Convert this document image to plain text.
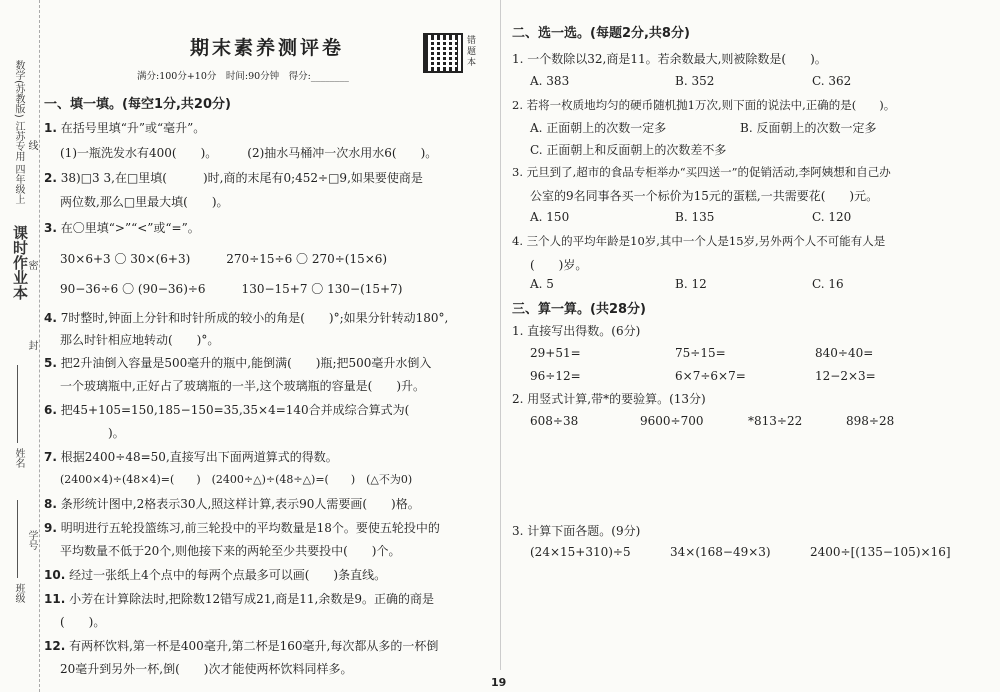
课时作业本
数学(苏教版) 江苏专用 四年级上 线
班级
姓名
学号
封
密
期末素养测评卷
满分:100分+10分　时间:90分钟　得分:________
错题本
一、填一填。(每空1分,共20分)
1. 在括号里填“升”或“毫升”。
(1)一瓶洗发水有400(　　)。　　　(2)抽水马桶冲一次水用水6(　　)。
2. 38)□3 3,在□里填(　　　)时,商的末尾有0;452÷□9,如果要使商是
两位数,那么□里最大填(　　)。
3. 在〇里填“>”“<”或“=”。
30×6+3 〇 30×(6+3)　　　270÷15÷6 〇 270÷(15×6)
90−36÷6 〇 (90−36)÷6　　　130−15+7 〇 130−(15+7)
4. 7时整时,钟面上分针和时针所成的较小的角是(　　)°;如果分针转动180°,
那么时针相应地转动(　　)°。
5. 把2升油倒入容量是500毫升的瓶中,能倒满(　　)瓶;把500毫升水倒入
一个玻璃瓶中,正好占了玻璃瓶的一半,这个玻璃瓶的容量是(　　)升。
6. 把45+105=150,185−150=35,35×4=140合并成综合算式为(
　　　　)。
7. 根据2400÷48=50,直接写出下面两道算式的得数。
(2400×4)÷(48×4)=(　　)　(2400÷△)÷(48÷△)=(　　)　(△不为0)
8. 条形统计图中,2格表示30人,照这样计算,表示90人需要画(　　)格。
9. 明明进行五轮投篮练习,前三轮投中的平均数量是18个。要使五轮投中的
平均数量不低于20个,则他接下来的两轮至少共要投中(　　)个。
10. 经过一张纸上4个点中的每两个点最多可以画(　　)条直线。
11. 小芳在计算除法时,把除数12错写成21,商是11,余数是9。正确的商是
(　　)。
12. 有两杯饮料,第一杯是400毫升,第二杯是160毫升,每次都从多的一杯倒
20毫升到另外一杯,倒(　　)次才能使两杯饮料同样多。
二、选一选。(每题2分,共8分)
1. 一个数除以32,商是11。若余数最大,则被除数是(　　)。
A. 383	B. 352	C. 362
2. 若将一枚质地均匀的硬币随机抛1万次,则下面的说法中,正确的是(　　)。
A. 正面朝上的次数一定多	B. 反面朝上的次数一定多
C. 正面朝上和反面朝上的次数差不多
3. 元旦到了,超市的食品专柜举办“买四送一”的促销活动,李阿姨想和自己办
公室的9名同事各买一个标价为15元的蛋糕,一共需要花(　　)元。
A. 150	B. 135	C. 120
4. 三个人的平均年龄是10岁,其中一个人是15岁,另外两个人不可能有人是
(　　)岁。
A. 5	B. 12	C. 16
三、算一算。(共28分)
1. 直接写出得数。(6分)
29+51=	75÷15=	840÷40=
96÷12=	6×7÷6×7=	12−2×3=
2. 用竖式计算,带*的要验算。(13分)
608÷38	9600÷700	*813÷22	898÷28
3. 计算下面各题。(9分)
(24×15+310)÷5	34×(168−49×3)	2400÷[(135−105)×16]
19
